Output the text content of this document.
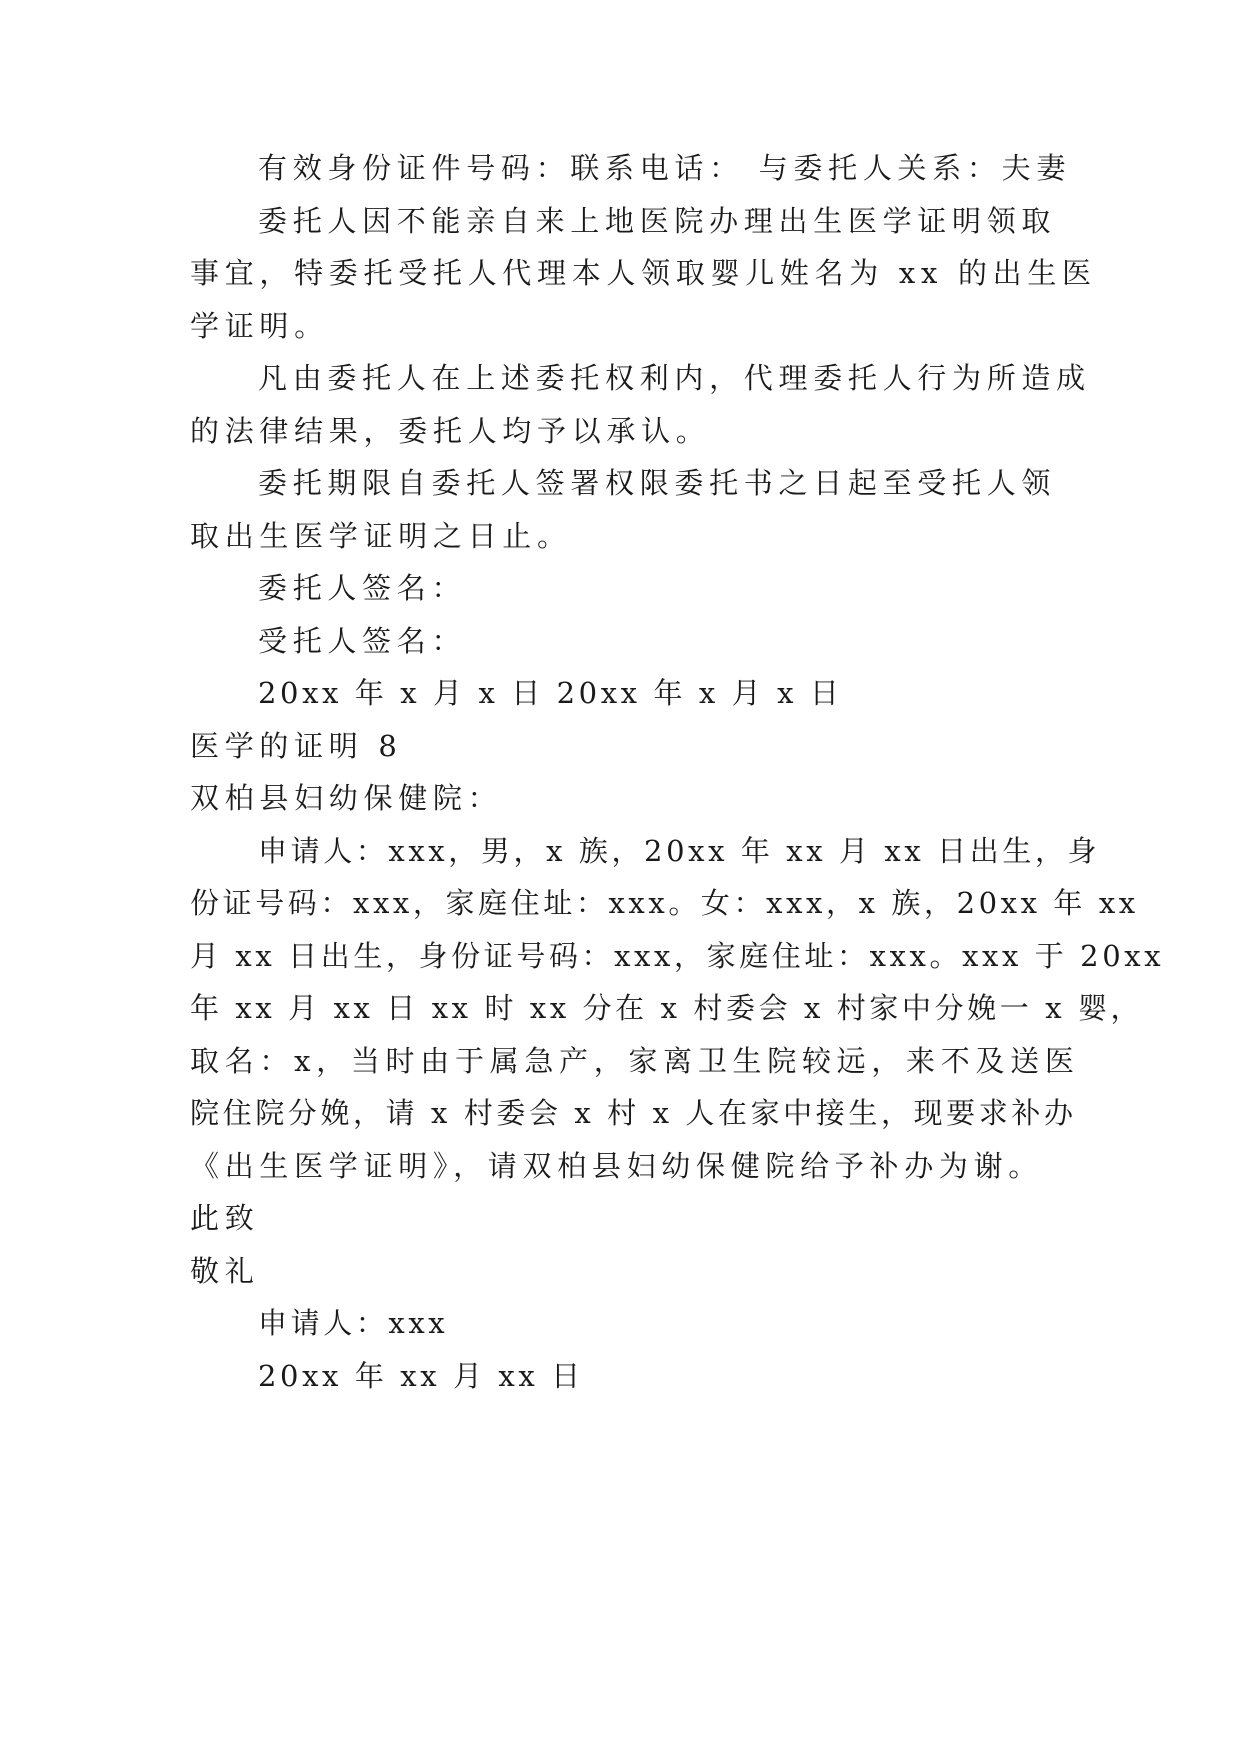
有效身份证件号码：联系电话： 与委托人关系：夫妻
委托人因不能亲自来上地医院办理出生医学证明领取
事宜，特委托受托人代理本人领取婴儿姓名为 xx 的出生医
学证明。
凡由委托人在上述委托权利内，代理委托人行为所造成
的法律结果，委托人均予以承认。
委托期限自委托人签署权限委托书之日起至受托人领
取出生医学证明之日止。
委托人签名：
受托人签名：
20xx 年 x 月 x 日 20xx 年 x 月 x 日
医学的证明 8
双柏县妇幼保健院：
申请人：xxx，男，x 族，20xx 年 xx 月 xx 日出生，身
份证号码：xxx，家庭住址：xxx。女：xxx，x 族，20xx 年 xx
月 xx 日出生，身份证号码：xxx，家庭住址：xxx。xxx 于 20xx
年 xx 月 xx 日 xx 时 xx 分在 x 村委会 x 村家中分娩一 x 婴，
取名：x，当时由于属急产，家离卫生院较远，来不及送医
院住院分娩，请 x 村委会 x 村 x 人在家中接生，现要求补办
《出生医学证明》，请双柏县妇幼保健院给予补办为谢。
此致
敬礼
申请人：xxx
20xx 年 xx 月 xx 日
